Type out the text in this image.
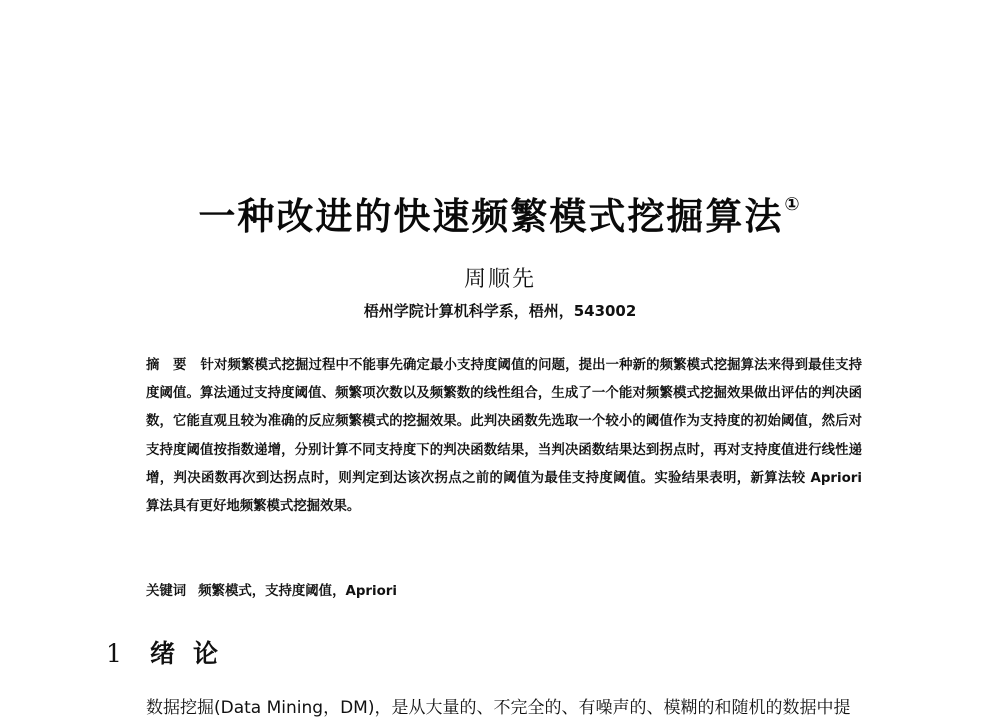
一种改进的快速频繁模式挖掘算法①
周顺先
梧州学院计算机科学系，梧州，543002
摘　要 针对频繁模式挖掘过程中不能事先确定最小支持度阈值的问题，提出一种新的频繁模式挖掘算法来得到最佳支持度阈值。算法通过支持度阈值、频繁项次数以及频繁数的线性组合，生成了一个能对频繁模式挖掘效果做出评估的判决函数，它能直观且较为准确的反应频繁模式的挖掘效果。此判决函数先选取一个较小的阈值作为支持度的初始阈值，然后对支持度阈值按指数递增，分别计算不同支持度下的判决函数结果，当判决函数结果达到拐点时，再对支持度值进行线性递增，判决函数再次到达拐点时，则判定到达该次拐点之前的阈值为最佳支持度阈值。实验结果表明，新算法较 Apriori 算法具有更好地频繁模式挖掘效果。
关键词 频繁模式，支持度阈值，Apriori
1 绪论
数据挖掘(Data Mining，DM)，是从大量的、不完全的、有噪声的、模糊的和随机的数据中提
